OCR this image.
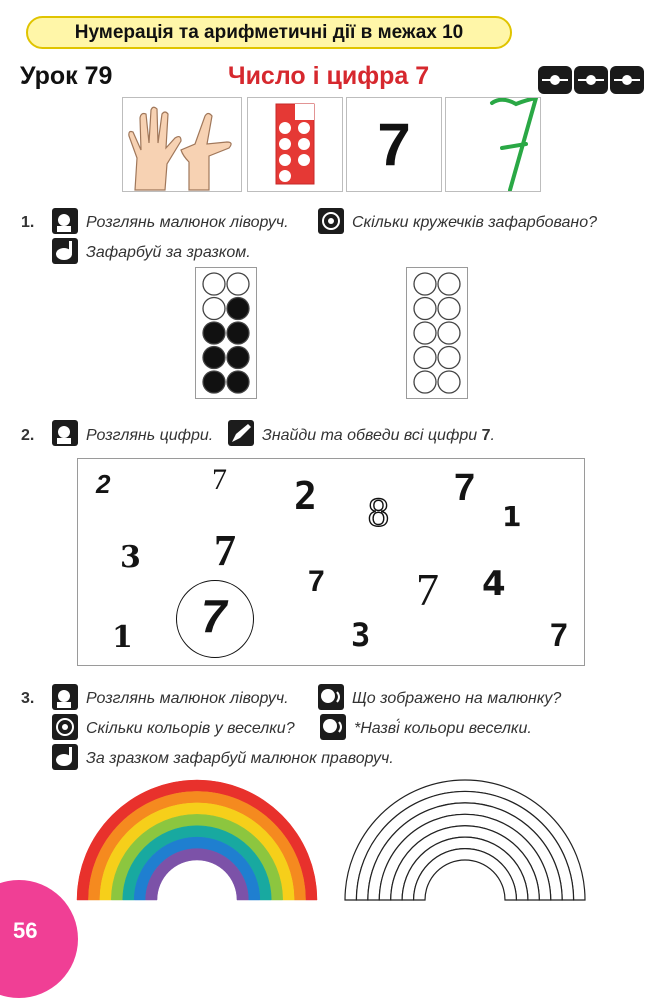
Нумерація та арифметичні дії в межах 10
Урок 79	Число і цифра 7
7
1.	Розглянь малюнок ліворуч.	Скільки кружечків зафарбовано?
Зафарбуй за зразком.
2.	Розглянь цифри.	Знайди та обведи всі цифри 7.
2	7 2 8
7
1
3 7
7 7 4
1 7	3	7
3.	Розглянь малюнок ліворуч.	Що зображено на малюнку?
Скільки кольорів у веселки?	*Назві́ кольори веселки.
За зразком зафарбуй малюнок праворуч.
56
